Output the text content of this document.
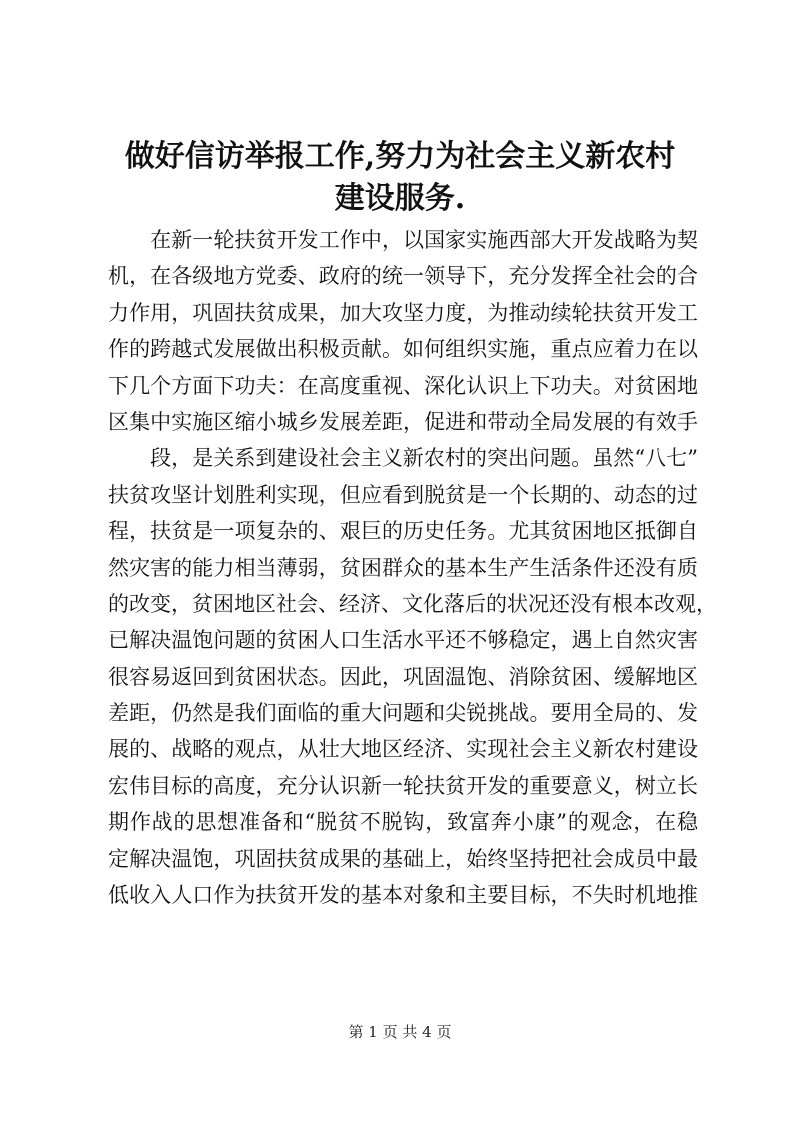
做好信访举报工作,努力为社会主义新农村建设服务.
　　在新一轮扶贫开发工作中，以国家实施西部大开发战略为契
机，在各级地方党委、政府的统一领导下，充分发挥全社会的合
力作用，巩固扶贫成果，加大攻坚力度，为推动续轮扶贫开发工
作的跨越式发展做出积极贡献。如何组织实施，重点应着力在以
下几个方面下功夫：在高度重视、深化认识上下功夫。对贫困地
区集中实施区缩小城乡发展差距，促进和带动全局发展的有效手
　　段，是关系到建设社会主义新农村的突出问题。虽然“八七”
扶贫攻坚计划胜利实现，但应看到脱贫是一个长期的、动态的过
程，扶贫是一项复杂的、艰巨的历史任务。尤其贫困地区抵御自
然灾害的能力相当薄弱，贫困群众的基本生产生活条件还没有质
的改变，贫困地区社会、经济、文化落后的状况还没有根本改观，
已解决温饱问题的贫困人口生活水平还不够稳定，遇上自然灾害
很容易返回到贫困状态。因此，巩固温饱、消除贫困、缓解地区
差距，仍然是我们面临的重大问题和尖锐挑战。要用全局的、发
展的、战略的观点，从壮大地区经济、实现社会主义新农村建设
宏伟目标的高度，充分认识新一轮扶贫开发的重要意义，树立长
期作战的思想准备和“脱贫不脱钩，致富奔小康”的观念，在稳
定解决温饱，巩固扶贫成果的基础上，始终坚持把社会成员中最
低收入人口作为扶贫开发的基本对象和主要目标，不失时机地推
第 1 页 共 4 页
